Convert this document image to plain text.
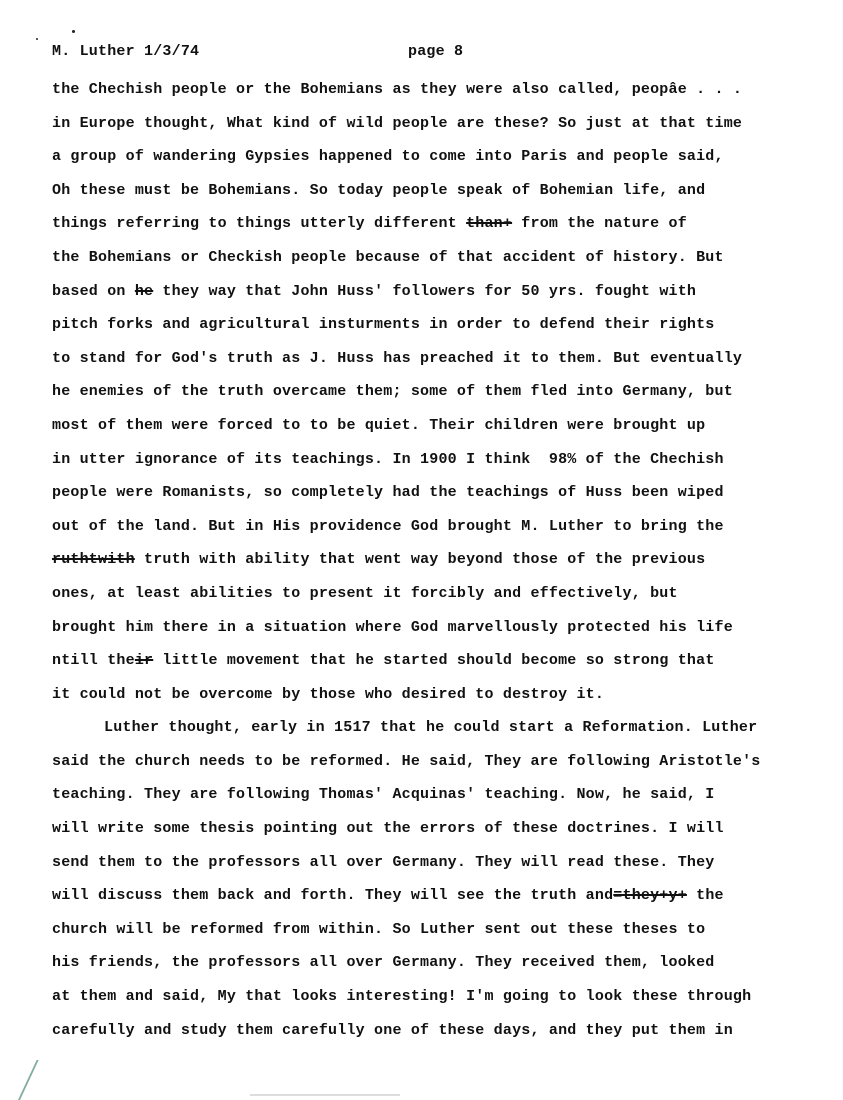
M. Luther 1/3/74	page 8
the Chechish people or the Bohemians as they were also called, peopâe . . .
in Europe thought, What kind of wild people are these? So just at that time
a group of wandering Gypsies happened to come into Paris and people said,
Oh these must be Bohemians. So today people speak of Bohemian life, and
things referring to things utterly different than+ from the nature of
the Bohemians or Checkish people because of that accident of history. But
based on he they way that John Huss' followers for 50 yrs. fought with
pitch forks and agricultural insturments in order to defend their rights
to stand for God's truth as J. Huss has preached it to them. But eventually
he enemies of the truth overcame them; some of them fled into Germany, but
most of them were forced to to be quiet. Their children were brought up
in utter ignorance of its teachings. In 1900 I think  98% of the Chechish
people were Romanists, so completely had the teachings of Huss been wiped
out of the land. But in His providence God brought M. Luther to bring the
ruthtwith truth with ability that went way beyond those of the previous
ones, at least abilities to present it forcibly and effectively, but
brought him there in a situation where God marvellously protected his life
ntill their little movement that he started should become so strong that
it could not be overcome by those who desired to destroy it.
Luther thought, early in 1517 that he could start a Reformation. Luther
said the church needs to be reformed. He said, They are following Aristotle's
teaching. They are following Thomas' Acquinas' teaching. Now, he said, I
will write some thesis pointing out the errors of these doctrines. I will
send them to the professors all over Germany. They will read these. They
will discuss them back and forth. They will see the truth and=they+y+ the
church will be reformed from within. So Luther sent out these theses to
his friends, the professors all over Germany. They received them, looked
at them and said, My that looks interesting! I'm going to look these through
carefully and study them carefully one of these days, and they put them in
